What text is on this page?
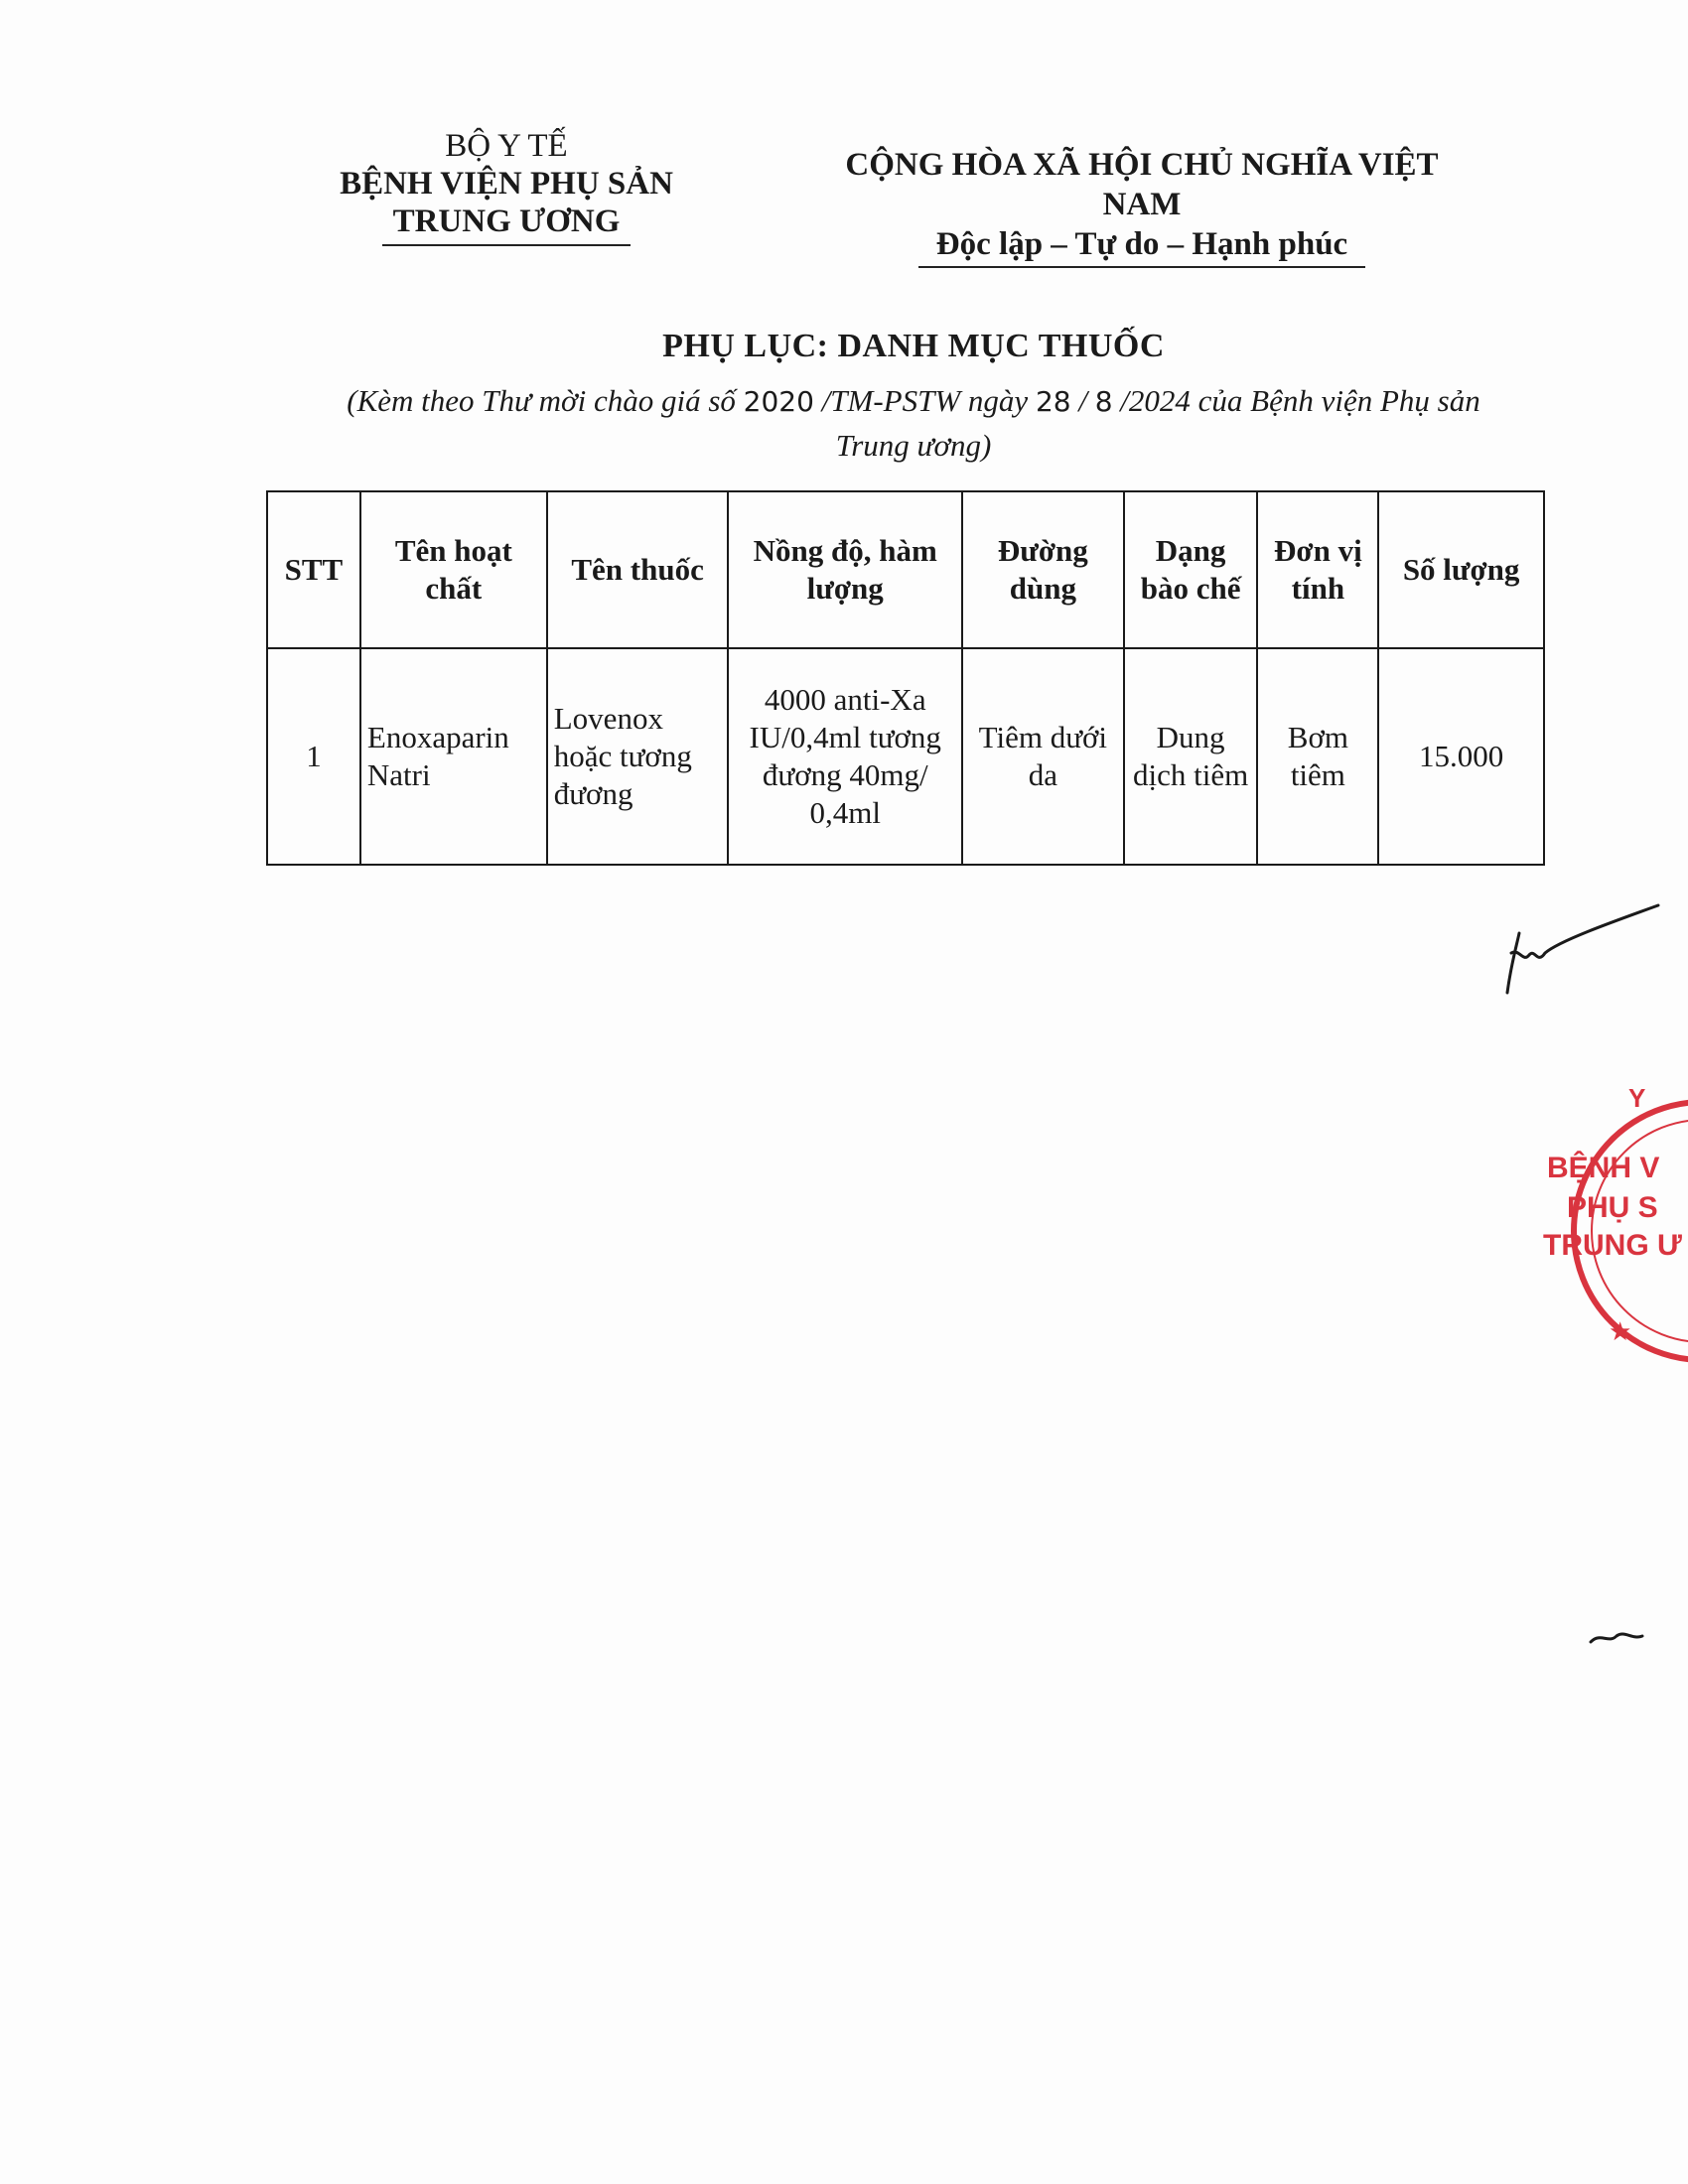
BỘ Y TẾ
BỆNH VIỆN PHỤ SẢN
TRUNG ƯƠNG
CỘNG HÒA XÃ HỘI CHỦ NGHĨA VIỆT NAM
Độc lập – Tự do – Hạnh phúc
PHỤ LỤC: DANH MỤC THUỐC
(Kèm theo Thư mời chào giá số 2020 /TM-PSTW ngày 28 / 8 /2024 của Bệnh viện Phụ sản
Trung ương)
STT	Tên hoạt chất	Tên thuốc	Nồng độ, hàm lượng	Đường dùng	Dạng bào chế	Đơn vị tính	Số lượng
1	Enoxaparin Natri	Lovenox hoặc tương đương	4000 anti-Xa IU/0,4ml tương đương 40mg/ 0,4ml	Tiêm dưới da	Dung dịch tiêm	Bơm tiêm	15.000
Y
★
BỆNH V
PHỤ S
TRUNG Ư
